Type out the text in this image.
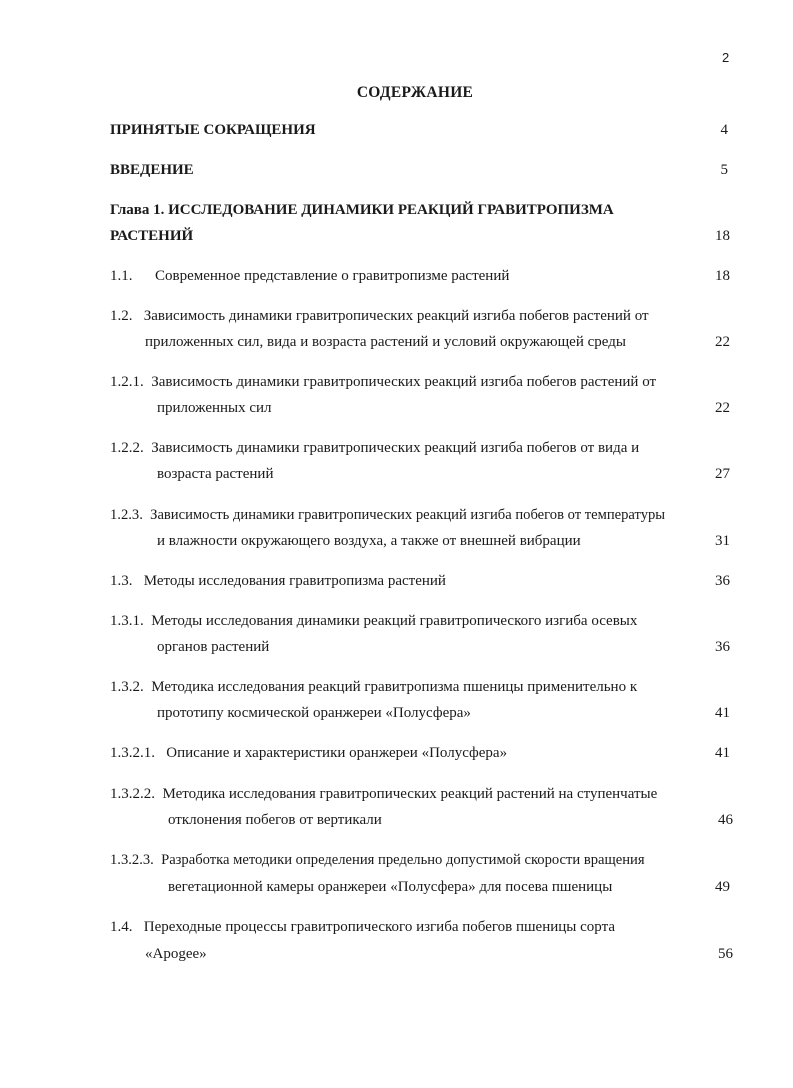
2
СОДЕРЖАНИЕ
ПРИНЯТЫЕ СОКРАЩЕНИЯ	4
ВВЕДЕНИЕ	5
Глава 1. ИССЛЕДОВАНИЕ ДИНАМИКИ РЕАКЦИЙ ГРАВИТРОПИЗМА
РАСТЕНИЙ	18
1.1.      Современное представление о гравитропизме растений	18
1.2.   Зависимость динамики гравитропических реакций изгиба побегов растений от
приложенных сил, вида и возраста растений и условий окружающей среды	22
1.2.1.  Зависимость динамики гравитропических реакций изгиба побегов растений от
приложенных сил	22
1.2.2.  Зависимость динамики гравитропических реакций изгиба побегов от вида и
возраста растений	27
1.2.3.  Зависимость динамики гравитропических реакций изгиба побегов от температуры
и влажности окружающего воздуха, а также от внешней вибрации	31
1.3.   Методы исследования гравитропизма растений	36
1.3.1.  Методы исследования динамики реакций гравитропического изгиба осевых
органов растений	36
1.3.2.  Методика исследования реакций гравитропизма пшеницы применительно к
прототипу космической оранжереи «Полусфера»	41
1.3.2.1.   Описание и характеристики оранжереи «Полусфера»	41
1.3.2.2.  Методика исследования гравитропических реакций растений на ступенчатые
отклонения побегов от вертикали	46
1.3.2.3.  Разработка методики определения предельно допустимой скорости вращения
вегетационной камеры оранжереи «Полусфера» для посева пшеницы	49
1.4.   Переходные процессы гравитропического изгиба побегов пшеницы сорта
«Apogee»	56
